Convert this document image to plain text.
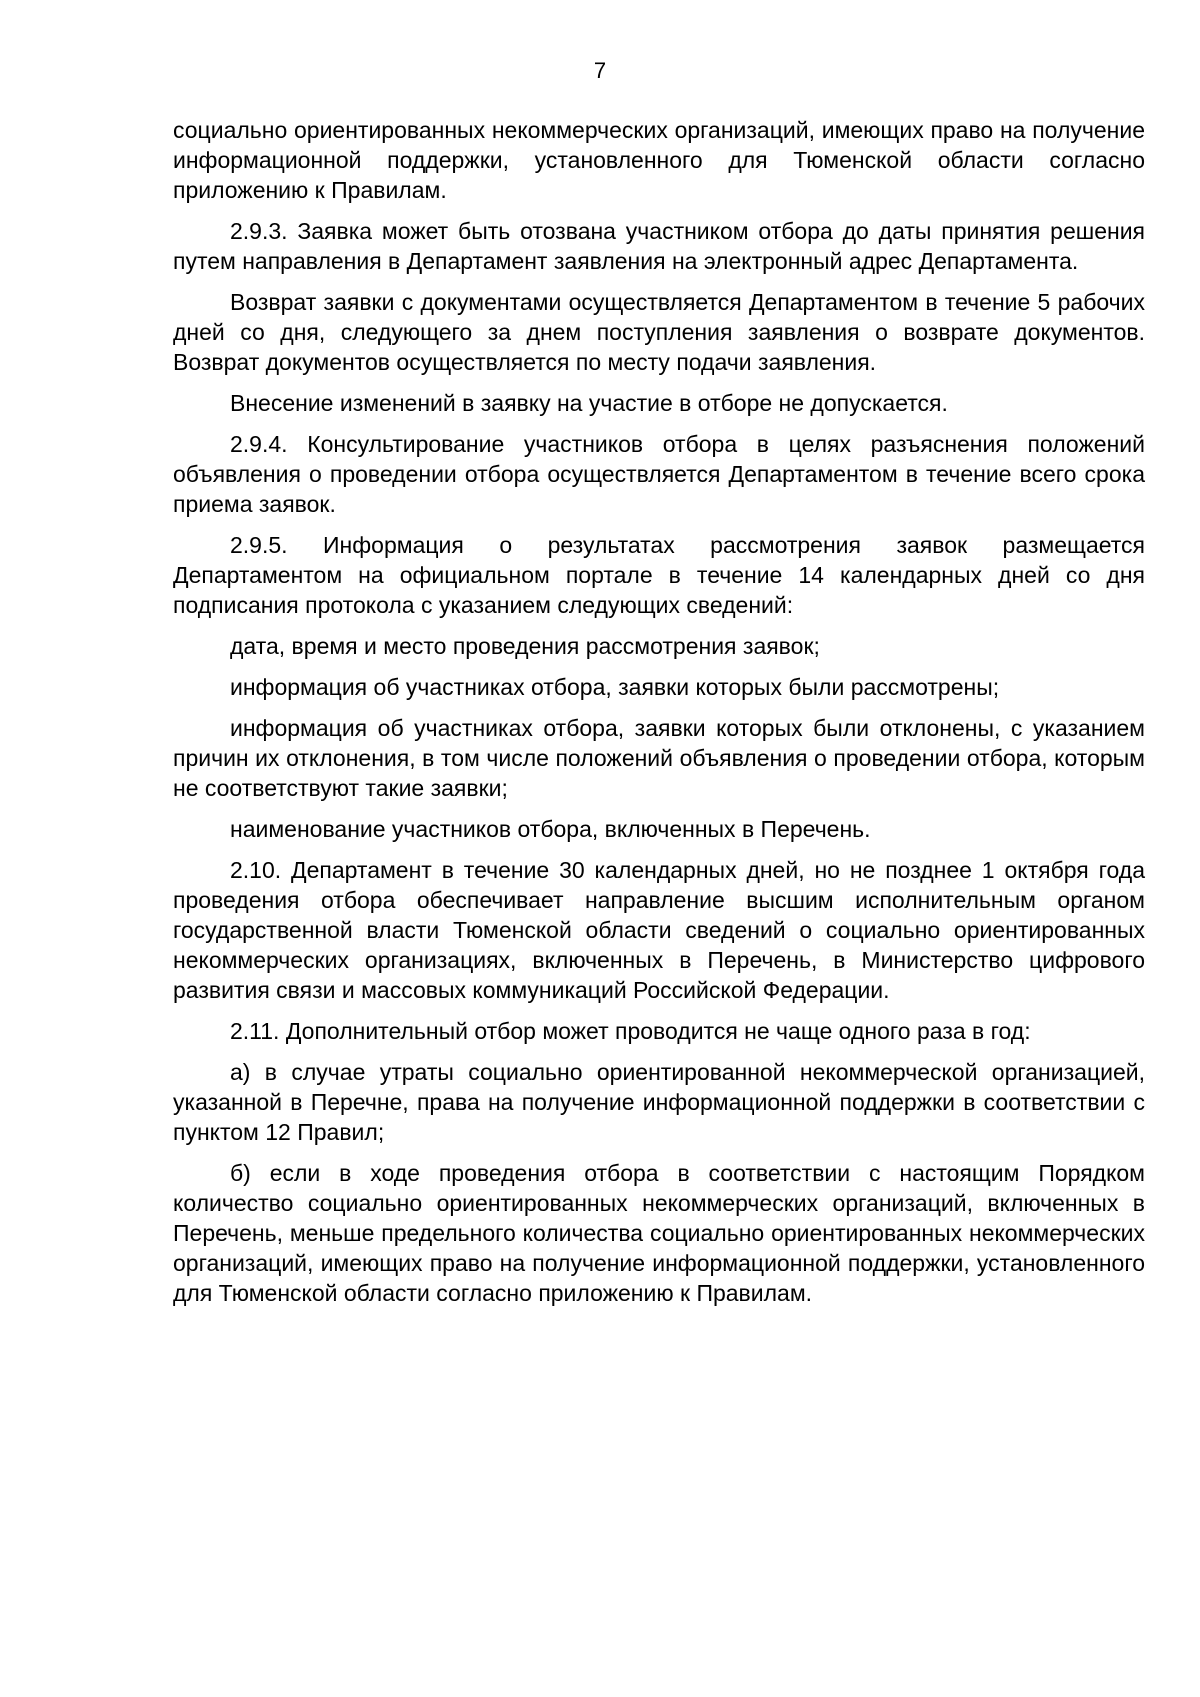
7

социально ориентированных некоммерческих организаций, имеющих право на получение информационной поддержки, установленного для Тюменской области согласно приложению к Правилам.

2.9.3. Заявка может быть отозвана участником отбора до даты принятия решения путем направления в Департамент заявления на электронный адрес Департамента.

Возврат заявки с документами осуществляется Департаментом в течение 5 рабочих дней со дня, следующего за днем поступления заявления о возврате документов. Возврат документов осуществляется по месту подачи заявления.

Внесение изменений в заявку на участие в отборе не допускается.

2.9.4. Консультирование участников отбора в целях разъяснения положений объявления о проведении отбора осуществляется Департаментом в течение всего срока приема заявок.

2.9.5. Информация о результатах рассмотрения заявок размещается Департаментом на официальном портале в течение 14 календарных дней со дня подписания протокола с указанием следующих сведений:

дата, время и место проведения рассмотрения заявок;

информация об участниках отбора, заявки которых были рассмотрены;

информация об участниках отбора, заявки которых были отклонены, с указанием причин их отклонения, в том числе положений объявления о проведении отбора, которым не соответствуют такие заявки;

наименование участников отбора, включенных в Перечень.

2.10. Департамент в течение 30 календарных дней, но не позднее 1 октября года проведения отбора обеспечивает направление высшим исполнительным органом государственной власти Тюменской области сведений о социально ориентированных некоммерческих организациях, включенных в Перечень, в Министерство цифрового развития связи и массовых коммуникаций Российской Федерации.

2.11. Дополнительный отбор может проводится не чаще одного раза в год:

а) в случае утраты социально ориентированной некоммерческой организацией, указанной в Перечне, права на получение информационной поддержки в соответствии с пунктом 12 Правил;

б) если в ходе проведения отбора в соответствии с настоящим Порядком количество социально ориентированных некоммерческих организаций, включенных в Перечень, меньше предельного количества социально ориентированных некоммерческих организаций, имеющих право на получение информационной поддержки, установленного для Тюменской области согласно приложению к Правилам.
